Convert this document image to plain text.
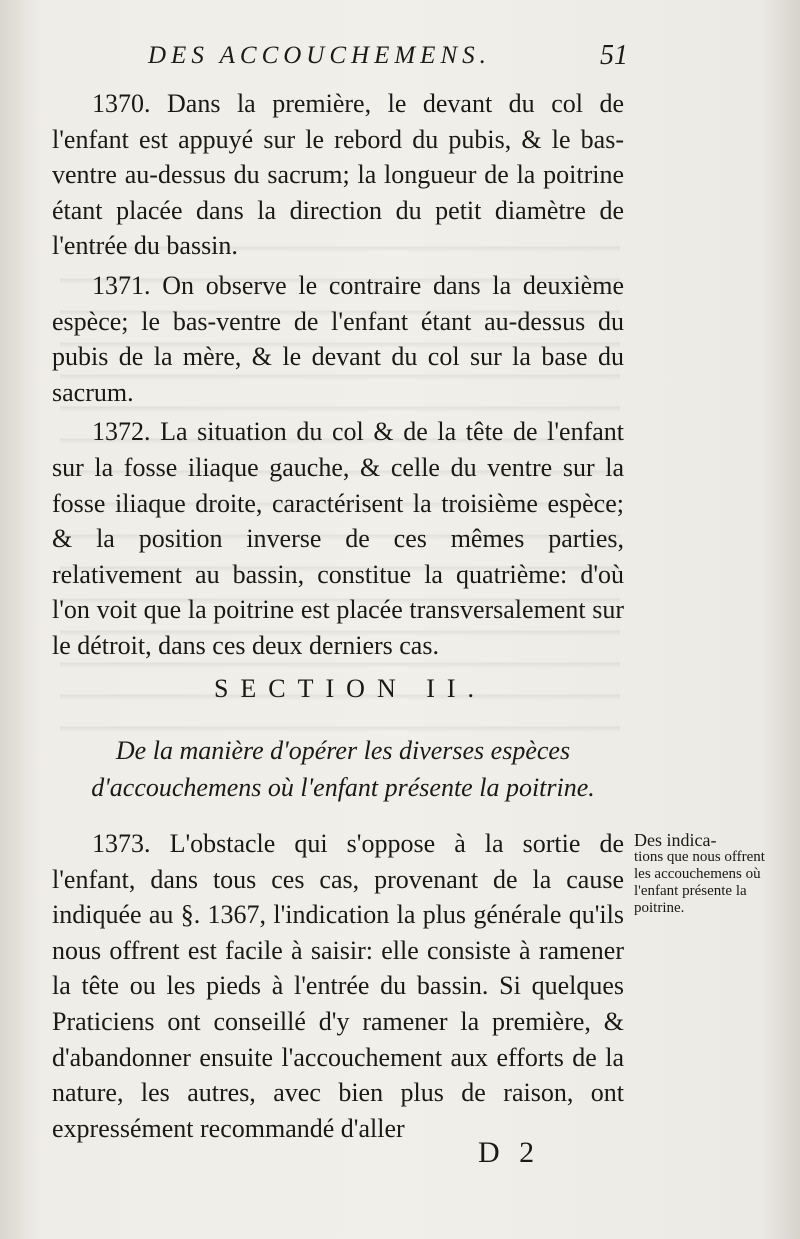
DES ACCOUCHEMENS.	51

1370. Dans la première, le devant du col de l'enfant est appuyé sur le rebord du pubis, & le bas-ventre au-dessus du sacrum; la longueur de la poitrine étant placée dans la direction du petit diamètre de l'entrée du bassin.

1371. On observe le contraire dans la deuxième espèce; le bas-ventre de l'enfant étant au-dessus du pubis de la mère, & le devant du col sur la base du sacrum.

1372. La situation du col & de la tête de l'enfant sur la fosse iliaque gauche, & celle du ventre sur la fosse iliaque droite, caractérisent la troisième espèce; & la position inverse de ces mêmes parties, relativement au bassin, constitue la quatrième: d'où l'on voit que la poitrine est placée transversalement sur le détroit, dans ces deux derniers cas.

SECTION II.
De la manière d'opérer les diverses espèces d'accouchemens où l'enfant présente la poitrine.

1373. L'obstacle qui s'oppose à la sortie de l'enfant, dans tous ces cas, provenant de la cause indiquée au §. 1367, l'indication la plus générale qu'ils nous offrent est facile à saisir: elle consiste à ramener la tête ou les pieds à l'entrée du bassin. Si quelques Praticiens ont conseillé d'y ramener la première, & d'abandonner ensuite l'accouchement aux efforts de la nature, les autres, avec bien plus de raison, ont expressément recommandé d'aller

Des indica-
tions que nous offrent les accouchemens où l'enfant présente la poitrine.
D 2
